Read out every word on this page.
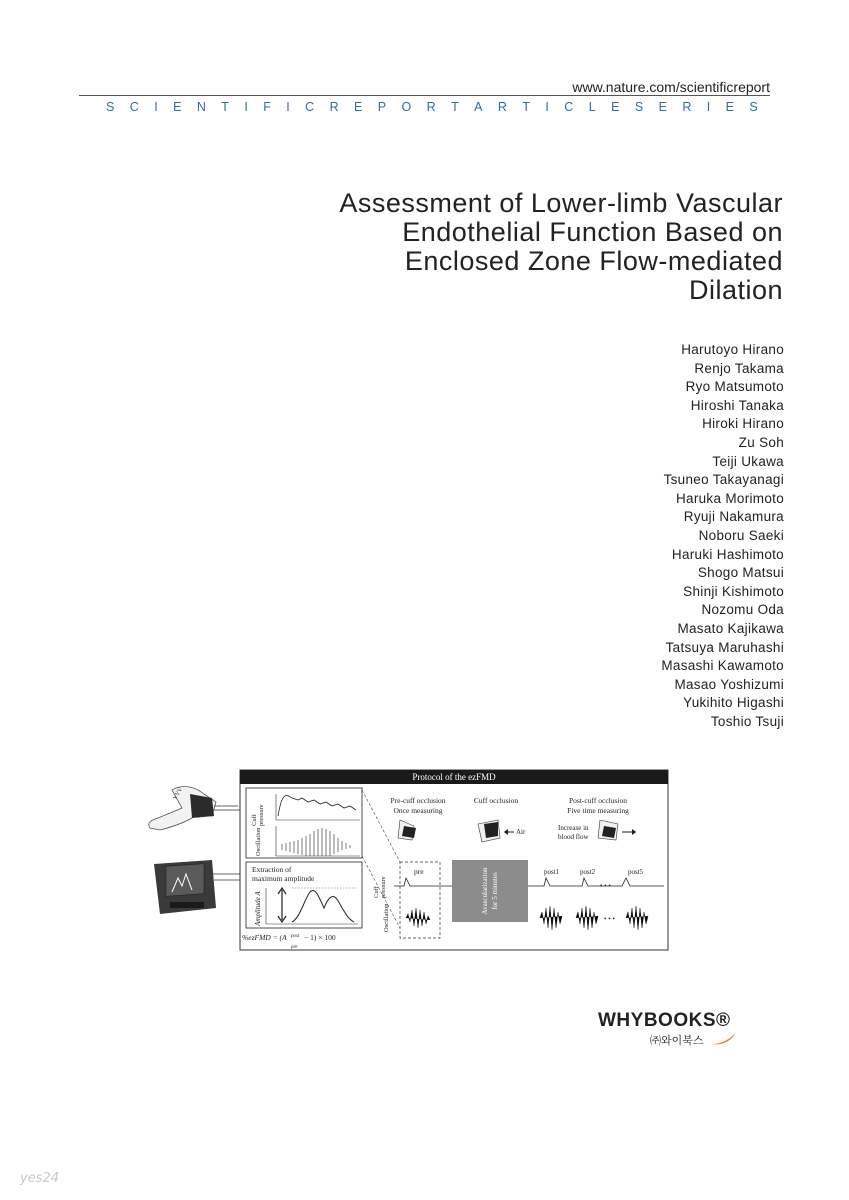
www.nature.com/scientificreport
S C I E N T I F I C R E P O R T A R T I C L E S E R I E S
Assessment of Lower-limb Vascular
Endothelial Function Based on
Enclosed Zone Flow-mediated
Dilation
Harutoyo Hirano
Renjo Takama
Ryo Matsumoto
Hiroshi Tanaka
Hiroki Hirano
Zu Soh
Teiji Ukawa
Tsuneo Takayanagi
Haruka Morimoto
Ryuji Nakamura
Noboru Saeki
Haruki Hashimoto
Shogo Matsui
Shinji Kishimoto
Nozomu Oda
Masato Kajikawa
Tatsuya Maruhashi
Masashi Kawamoto
Masao Yoshizumi
Yukihito Higashi
Toshio Tsuji
VVV
Protocol of the ezFMD
Cuffpressure
Oscillation
Extraction of
maximum amplitude
Amplitude A
%ezFMD = (A post
pre
− 1) × 100
Pre-cuff occlusion
Once measuring
Cuff occlusion
Air
Post-cuff occlusion
Five time measuring
Increase in
blood flow
Cuffpressure
Oscillation
pre	Avascularization for 5 minutes
post1	post2
• • •
post5
• • •
WHYBOOKS®
㈜와이북스
yes24
